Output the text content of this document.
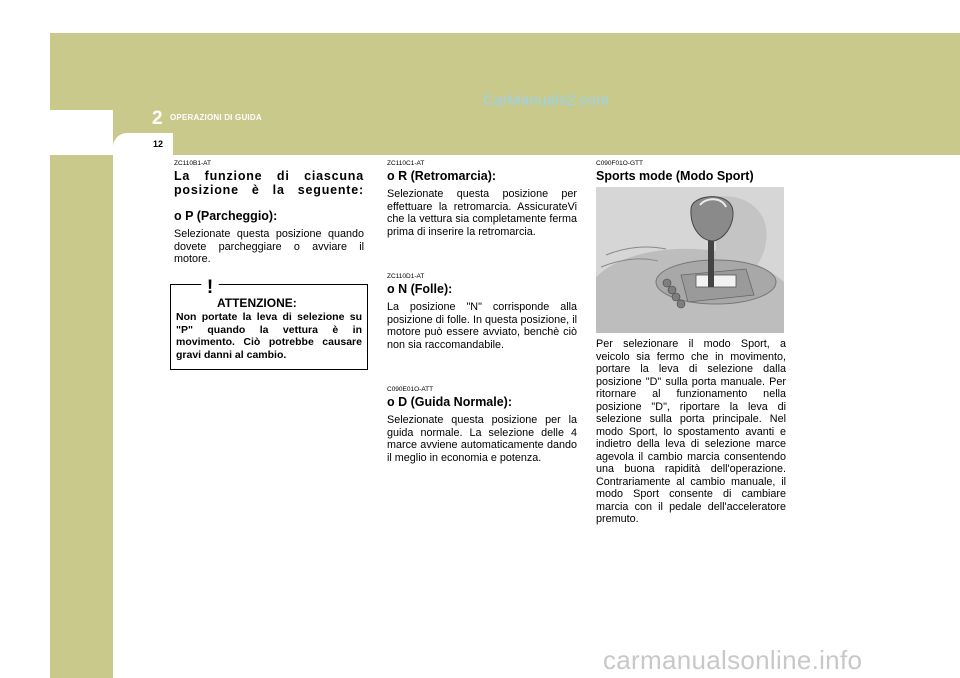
2 OPERAZIONI DI GUIDA
12
CarManuals2.com
ZC110B1-AT
La funzione di ciascuna posizione è la seguente:
o P (Parcheggio):
Selezionate questa posizione quando dovete parcheggiare o avviare il motore.
!
ATTENZIONE:
Non portate la leva di selezione su "P" quando la vettura è in movimento. Ciò potrebbe causare gravi danni al cambio.
ZC110C1-AT
o R (Retromarcia):
Selezionate questa posizione per effettuare la retromarcia. AssicurateVi che la vettura sia completamente ferma prima di inserire la retromarcia.
ZC110D1-AT
o N (Folle):
La posizione "N" corrisponde alla posizione di folle. In questa posizione, il motore può essere avviato, benchè ciò non sia raccomandabile.
C090E01O-ATT
o D (Guida Normale):
Selezionate questa posizione per la guida normale. La selezione delle 4 marce avviene automaticamente dando il meglio in economia e potenza.
C090F01O-GTT
Sports mode (Modo Sport)
Per selezionare il modo Sport, a veicolo sia fermo che in movimento, portare la leva di selezione dalla posizione "D" sulla porta manuale. Per ritornare al funzionamento nella posizione "D", riportare la leva di selezione sulla porta principale. Nel modo Sport, lo spostamento avanti e indietro della leva di selezione marce agevola il cambio marcia consentendo una buona rapidità dell'operazione. Contrariamente al cambio manuale, il modo Sport consente di cambiare marcia con il pedale dell'acceleratore premuto.
carmanualsonline.info
